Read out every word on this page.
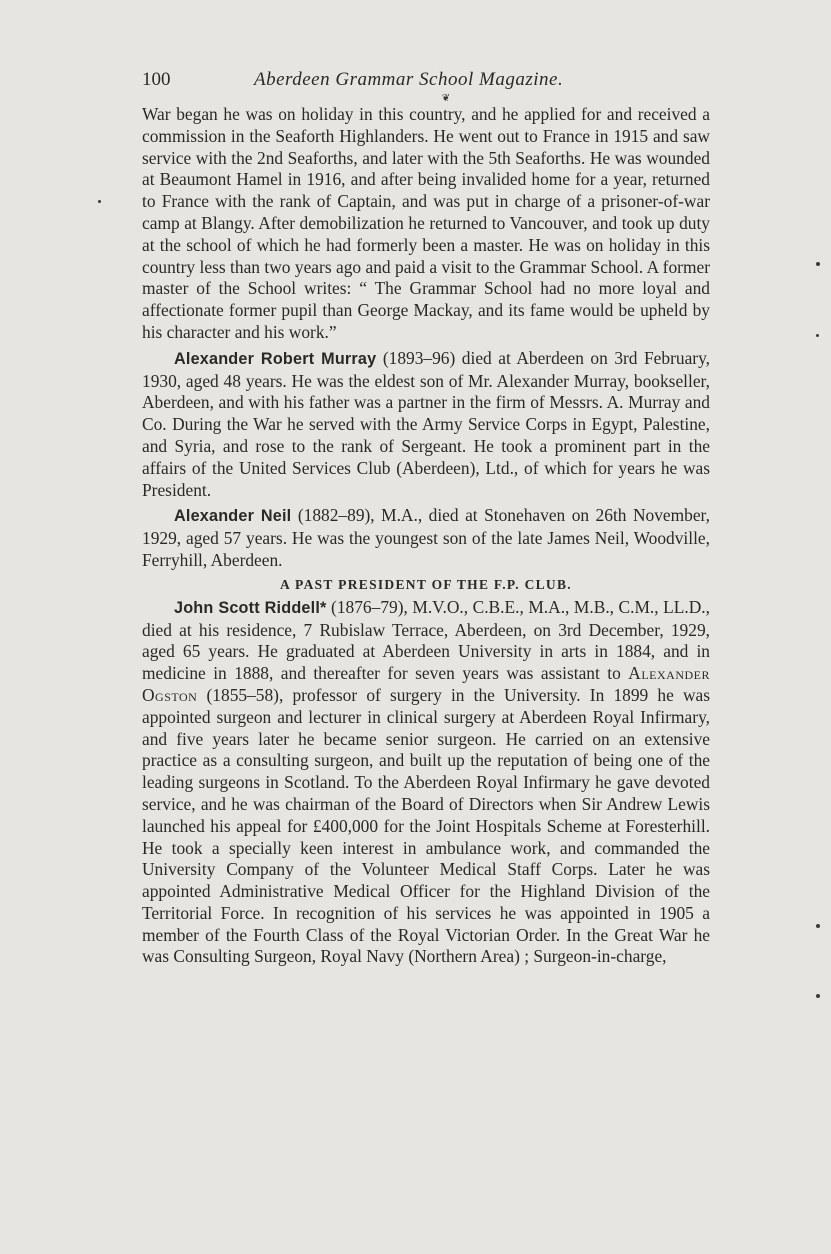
100	Aberdeen Grammar School Magazine.
❦

War began he was on holiday in this country, and he applied for and received a commission in the Seaforth Highlanders. He went out to France in 1915 and saw service with the 2nd Seaforths, and later with the 5th Seaforths. He was wounded at Beaumont Hamel in 1916, and after being invalided home for a year, returned to France with the rank of Captain, and was put in charge of a prisoner-of-war camp at Blangy. After demobilization he returned to Vancouver, and took up duty at the school of which he had formerly been a master. He was on holiday in this country less than two years ago and paid a visit to the Grammar School. A former master of the School writes: “ The Grammar School had no more loyal and affectionate former pupil than George Mackay, and its fame would be upheld by his character and his work.”

Alexander Robert Murray (1893–96) died at Aberdeen on 3rd February, 1930, aged 48 years. He was the eldest son of Mr. Alexander Murray, bookseller, Aberdeen, and with his father was a partner in the firm of Messrs. A. Murray and Co. During the War he served with the Army Service Corps in Egypt, Palestine, and Syria, and rose to the rank of Sergeant. He took a prominent part in the affairs of the United Services Club (Aberdeen), Ltd., of which for years he was President.

Alexander Neil (1882–89), M.A., died at Stonehaven on 26th November, 1929, aged 57 years. He was the youngest son of the late James Neil, Woodville, Ferryhill, Aberdeen.

A PAST PRESIDENT OF THE F.P. CLUB.

John Scott Riddell* (1876–79), M.V.O., C.B.E., M.A., M.B., C.M., LL.D., died at his residence, 7 Rubislaw Terrace, Aberdeen, on 3rd December, 1929, aged 65 years. He graduated at Aberdeen University in arts in 1884, and in medicine in 1888, and thereafter for seven years was assistant to Alexander Ogston (1855–58), professor of surgery in the University. In 1899 he was appointed surgeon and lecturer in clinical surgery at Aberdeen Royal Infirmary, and five years later he became senior surgeon. He carried on an extensive practice as a consulting surgeon, and built up the reputation of being one of the leading surgeons in Scotland. To the Aberdeen Royal Infirmary he gave devoted service, and he was chairman of the Board of Directors when Sir Andrew Lewis launched his appeal for £400,000 for the Joint Hospitals Scheme at Foresterhill. He took a specially keen interest in ambulance work, and commanded the University Company of the Volunteer Medical Staff Corps. Later he was appointed Administrative Medical Officer for the Highland Division of the Territorial Force. In recognition of his services he was appointed in 1905 a member of the Fourth Class of the Royal Victorian Order. In the Great War he was Consulting Surgeon, Royal Navy (Northern Area) ; Surgeon-in-charge,
